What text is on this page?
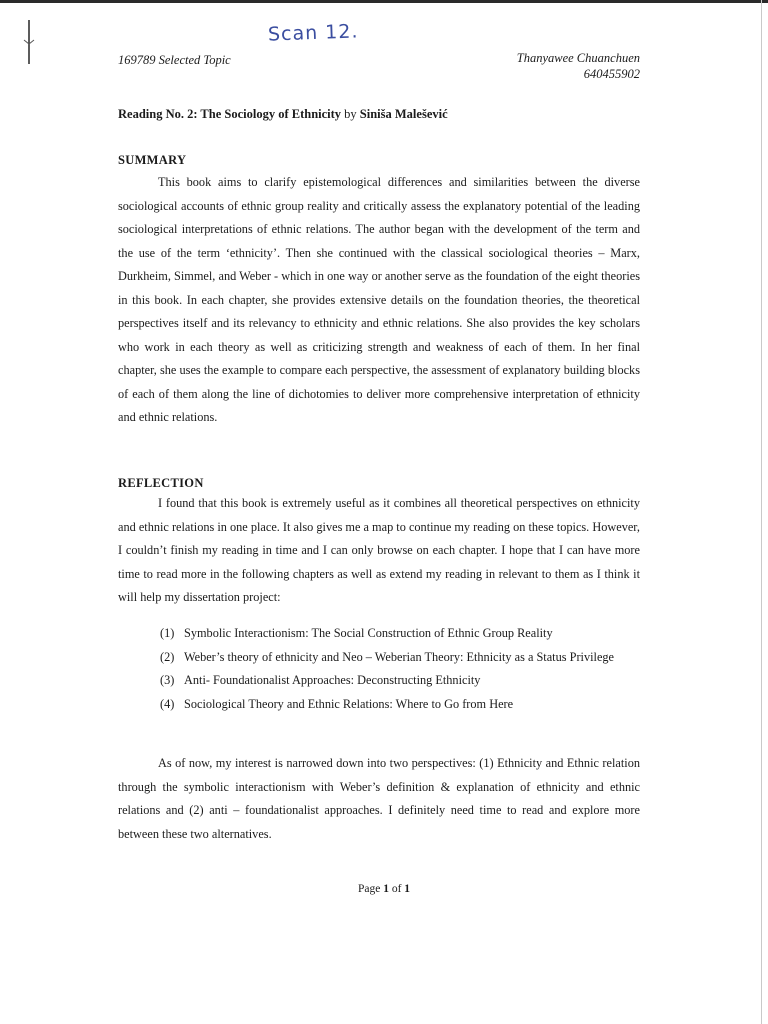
Scan 12.
169789 Selected Topic	Thanyawee Chuanchuen
640455902
Reading No. 2: The Sociology of Ethnicity by Siniša Malešević
SUMMARY

This book aims to clarify epistemological differences and similarities between the diverse sociological accounts of ethnic group reality and critically assess the explanatory potential of the leading sociological interpretations of ethnic relations. The author began with the development of the term and the use of the term ‘ethnicity’. Then she continued with the classical sociological theories – Marx, Durkheim, Simmel, and Weber - which in one way or another serve as the foundation of the eight theories in this book. In each chapter, she provides extensive details on the foundation theories, the theoretical perspectives itself and its relevancy to ethnicity and ethnic relations. She also provides the key scholars who work in each theory as well as criticizing strength and weakness of each of them. In her final chapter, she uses the example to compare each perspective, the assessment of explanatory building blocks of each of them along the line of dichotomies to deliver more comprehensive interpretation of ethnicity and ethnic relations.

REFLECTION

I found that this book is extremely useful as it combines all theoretical perspectives on ethnicity and ethnic relations in one place. It also gives me a map to continue my reading on these topics. However, I couldn’t finish my reading in time and I can only browse on each chapter. I hope that I can have more time to read more in the following chapters as well as extend my reading in relevant to them as I think it will help my dissertation project:

(1) Symbolic Interactionism: The Social Construction of Ethnic Group Reality
(2) Weber’s theory of ethnicity and Neo – Weberian Theory: Ethnicity as a Status Privilege
(3) Anti- Foundationalist Approaches: Deconstructing Ethnicity
(4) Sociological Theory and Ethnic Relations: Where to Go from Here

As of now, my interest is narrowed down into two perspectives: (1) Ethnicity and Ethnic relation through the symbolic interactionism with Weber’s definition & explanation of ethnicity and ethnic relations and (2) anti – foundationalist approaches. I definitely need time to read and explore more between these two alternatives.

Page 1 of 1
